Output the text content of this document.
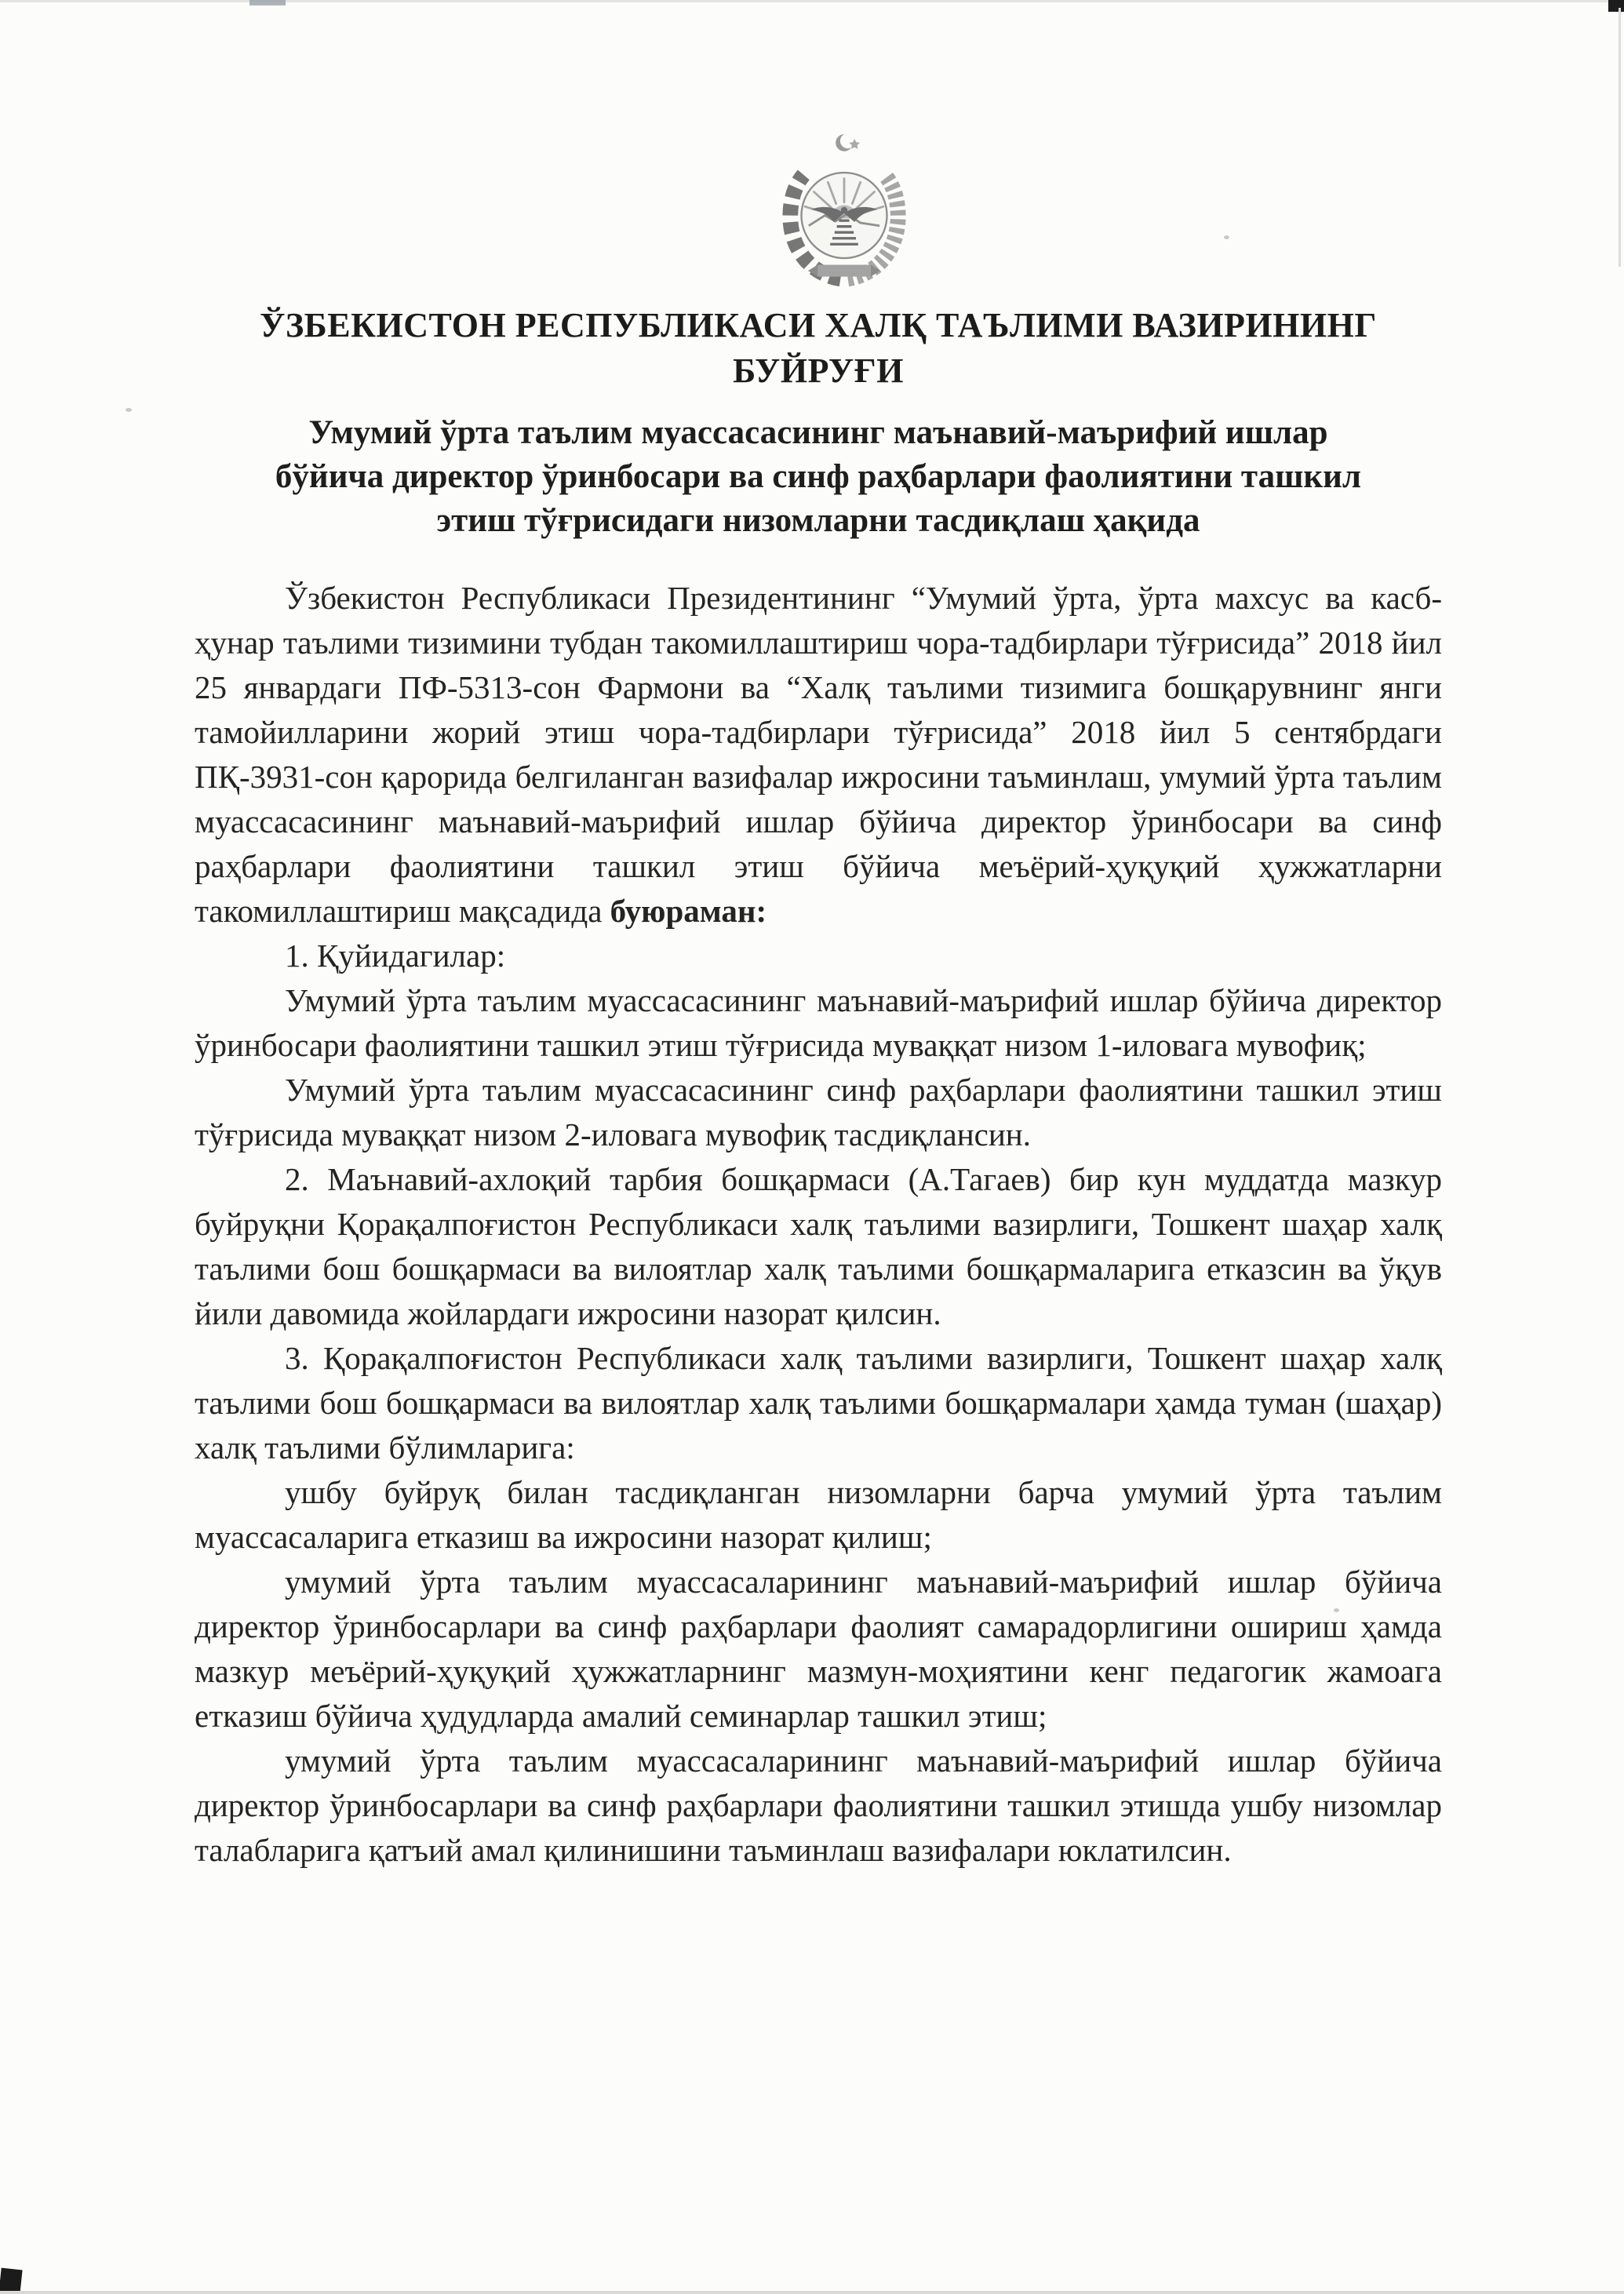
ЎЗБЕКИСТОН РЕСПУБЛИКАСИ ХАЛҚ ТАЪЛИМИ ВАЗИРИНИНГ
БУЙРУҒИ
Умумий ўрта таълим муассасасининг маънавий-маърифий ишлар
бўйича директор ўринбосари ва синф раҳбарлари фаолиятини ташкил
этиш тўғрисидаги низомларни тасдиқлаш ҳақида

Ўзбекистон Республикаси Президентининг “Умумий ўрта, ўрта махсус ва касб-ҳунар таълими тизимини тубдан такомиллаштириш чора-тадбирлари тўғрисида” 2018 йил 25 январдаги ПФ-5313-сон Фармони ва “Халқ таълими тизимига бошқарувнинг янги тамойилларини жорий этиш чора-тадбирлари тўғрисида” 2018 йил 5 сентябрдаги ПҚ-3931-сон қарорида белгиланган вазифалар ижросини таъминлаш, умумий ўрта таълим муассасасининг маънавий-маърифий ишлар бўйича директор ўринбосари ва синф раҳбарлари фаолиятини ташкил этиш бўйича меъёрий-ҳуқуқий ҳужжатларни такомиллаштириш мақсадида буюраман:

1. Қуйидагилар:

Умумий ўрта таълим муассасасининг маънавий-маърифий ишлар бўйича директор ўринбосари фаолиятини ташкил этиш тўғрисида муваққат низом 1-иловага мувофиқ;

Умумий ўрта таълим муассасасининг синф раҳбарлари фаолиятини ташкил этиш тўғрисида муваққат низом 2-иловага мувофиқ тасдиқлансин.

2. Маънавий-ахлоқий тарбия бошқармаси (А.Тагаев) бир кун муддатда мазкур буйруқни Қорақалпоғистон Республикаси халқ таълими вазирлиги, Тошкент шаҳар халқ таълими бош бошқармаси ва вилоятлар халқ таълими бошқармаларига етказсин ва ўқув йили давомида жойлардаги ижросини назорат қилсин.

3. Қорақалпоғистон Республикаси халқ таълими вазирлиги, Тошкент шаҳар халқ таълими бош бошқармаси ва вилоятлар халқ таълими бошқармалари ҳамда туман (шаҳар) халқ таълими бўлимларига:

ушбу буйруқ билан тасдиқланган низомларни барча умумий ўрта таълим муассасаларига етказиш ва ижросини назорат қилиш;

умумий ўрта таълим муассасаларининг маънавий-маърифий ишлар бўйича директор ўринбосарлари ва синф раҳбарлари фаолият самарадорлигини ошириш ҳамда мазкур меъёрий-ҳуқуқий ҳужжатларнинг мазмун-моҳиятини кенг педагогик жамоага етказиш бўйича ҳудудларда амалий семинарлар ташкил этиш;

умумий ўрта таълим муассасаларининг маънавий-маърифий ишлар бўйича директор ўринбосарлари ва синф раҳбарлари фаолиятини ташкил этишда ушбу низомлар талабларига қатъий амал қилинишини таъминлаш вазифалари юклатилсин.
